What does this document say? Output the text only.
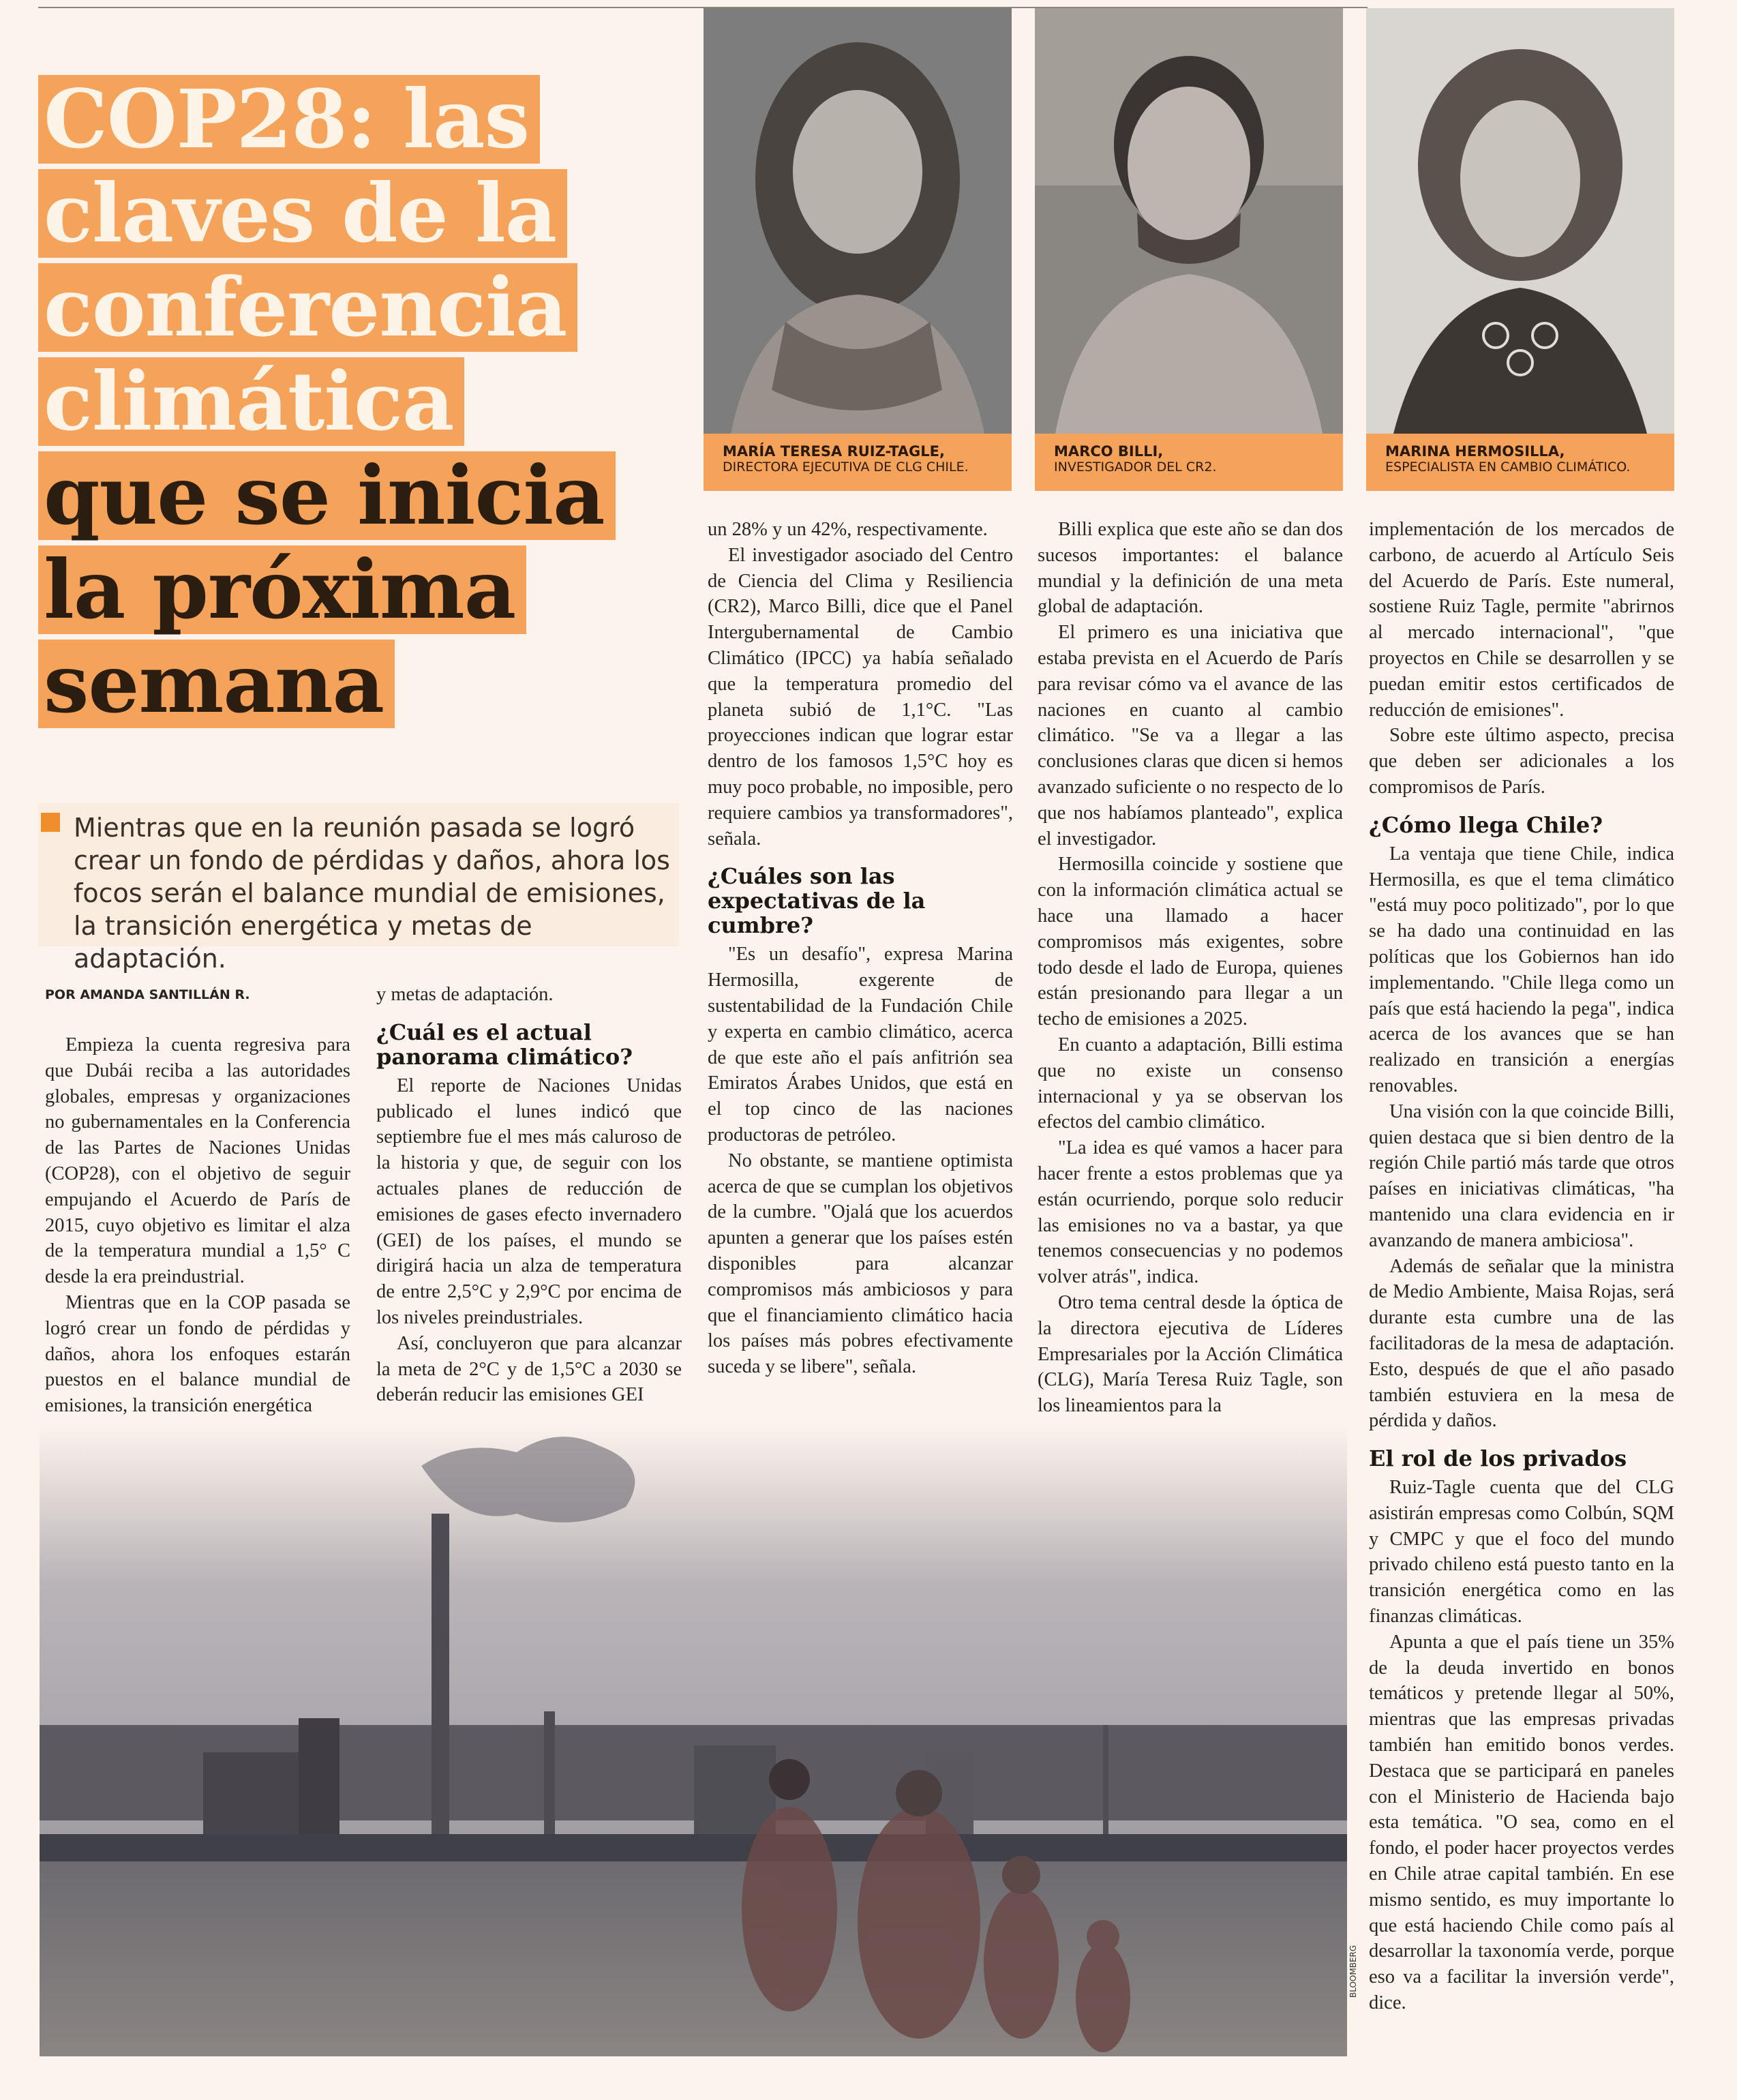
COP28: las
claves de la
conferencia
climática
que se inicia
la próxima
semana
Mientras que en la reunión pasada se logró crear un fondo de pérdidas y daños, ahora los focos serán el balance mundial de emisiones, la transición energética y metas de adaptación.
POR AMANDA SANTILLÁN R.

Empieza la cuenta regresiva para que Dubái reciba a las autoridades globales, empresas y organizaciones no gubernamentales en la Conferencia de las Partes de Naciones Unidas (COP28), con el objetivo de seguir empujando el Acuerdo de París de 2015, cuyo objetivo es limitar el alza de la temperatura mundial a 1,5° C desde la era preindustrial.

Mientras que en la COP pasada se logró crear un fondo de pérdidas y daños, ahora los enfoques estarán puestos en el balance mundial de emisiones, la transición energética

y metas de adaptación.

¿Cuál es el actual panorama climático?

El reporte de Naciones Unidas publicado el lunes indicó que septiembre fue el mes más caluroso de la historia y que, de seguir con los actuales planes de reducción de emisiones de gases efecto invernadero (GEI) de los países, el mundo se dirigirá hacia un alza de temperatura de entre 2,5°C y 2,9°C por encima de los niveles preindustriales.

Así, concluyeron que para alcanzar la meta de 2°C y de 1,5°C a 2030 se deberán reducir las emisiones GEI

MARÍA TERESA RUIZ-TAGLE,
DIRECTORA EJECUTIVA DE CLG CHILE.
MARCO BILLI,
INVESTIGADOR DEL CR2.
MARINA HERMOSILLA,
ESPECIALISTA EN CAMBIO CLIMÁTICO.

un 28% y un 42%, respectivamente.

El investigador asociado del Centro de Ciencia del Clima y Resiliencia (CR2), Marco Billi, dice que el Panel Intergubernamental de Cambio Climático (IPCC) ya había señalado que la temperatura promedio del planeta subió de 1,1°C. "Las proyecciones indican que lograr estar dentro de los famosos 1,5°C hoy es muy poco probable, no imposible, pero requiere cambios ya transformadores", señala.

¿Cuáles son las expectativas de la cumbre?

"Es un desafío", expresa Marina Hermosilla, exgerente de sustentabilidad de la Fundación Chile y experta en cambio climático, acerca de que este año el país anfitrión sea Emiratos Árabes Unidos, que está en el top cinco de las naciones productoras de petróleo.

No obstante, se mantiene optimista acerca de que se cumplan los objetivos de la cumbre. "Ojalá que los acuerdos apunten a generar que los países estén disponibles para alcanzar compromisos más ambiciosos y para que el financiamiento climático hacia los países más pobres efectivamente suceda y se libere", señala.

Billi explica que este año se dan dos sucesos importantes: el balance mundial y la definición de una meta global de adaptación.

El primero es una iniciativa que estaba prevista en el Acuerdo de París para revisar cómo va el avance de las naciones en cuanto al cambio climático. "Se va a llegar a las conclusiones claras que dicen si hemos avanzado suficiente o no respecto de lo que nos habíamos planteado", explica el investigador.

Hermosilla coincide y sostiene que con la información climática actual se hace una llamado a hacer compromisos más exigentes, sobre todo desde el lado de Europa, quienes están presionando para llegar a un techo de emisiones a 2025.

En cuanto a adaptación, Billi estima que no existe un consenso internacional y ya se observan los efectos del cambio climático.

"La idea es qué vamos a hacer para hacer frente a estos problemas que ya están ocurriendo, porque solo reducir las emisiones no va a bastar, ya que tenemos consecuencias y no podemos volver atrás", indica.

Otro tema central desde la óptica de la directora ejecutiva de Líderes Empresariales por la Acción Climática (CLG), María Teresa Ruiz Tagle, son los lineamientos para la

implementación de los mercados de carbono, de acuerdo al Artículo Seis del Acuerdo de París. Este numeral, sostiene Ruiz Tagle, permite "abrirnos al mercado internacional", "que proyectos en Chile se desarrollen y se puedan emitir estos certificados de reducción de emisiones".

Sobre este último aspecto, precisa que deben ser adicionales a los compromisos de París.

¿Cómo llega Chile?

La ventaja que tiene Chile, indica Hermosilla, es que el tema climático "está muy poco politizado", por lo que se ha dado una continuidad en las políticas que los Gobiernos han ido implementando. "Chile llega como un país que está haciendo la pega", indica acerca de los avances que se han realizado en transición a energías renovables.

Una visión con la que coincide Billi, quien destaca que si bien dentro de la región Chile partió más tarde que otros países en iniciativas climáticas, "ha mantenido una clara evidencia en ir avanzando de manera ambiciosa".

Además de señalar que la ministra de Medio Ambiente, Maisa Rojas, será durante esta cumbre una de las facilitadoras de la mesa de adaptación. Esto, después de que el año pasado también estuviera en la mesa de pérdida y daños.

El rol de los privados

Ruiz-Tagle cuenta que del CLG asistirán empresas como Colbún, SQM y CMPC y que el foco del mundo privado chileno está puesto tanto en la transición energética como en las finanzas climáticas.

Apunta a que el país tiene un 35% de la deuda invertido en bonos temáticos y pretende llegar al 50%, mientras que las empresas privadas también han emitido bonos verdes. Destaca que se participará en paneles con el Ministerio de Hacienda bajo esta temática. "O sea, como en el fondo, el poder hacer proyectos verdes en Chile atrae capital también. En ese mismo sentido, es muy importante lo que está haciendo Chile como país al desarrollar la taxonomía verde, porque eso va a facilitar la inversión verde", dice.

BLOOMBERG
